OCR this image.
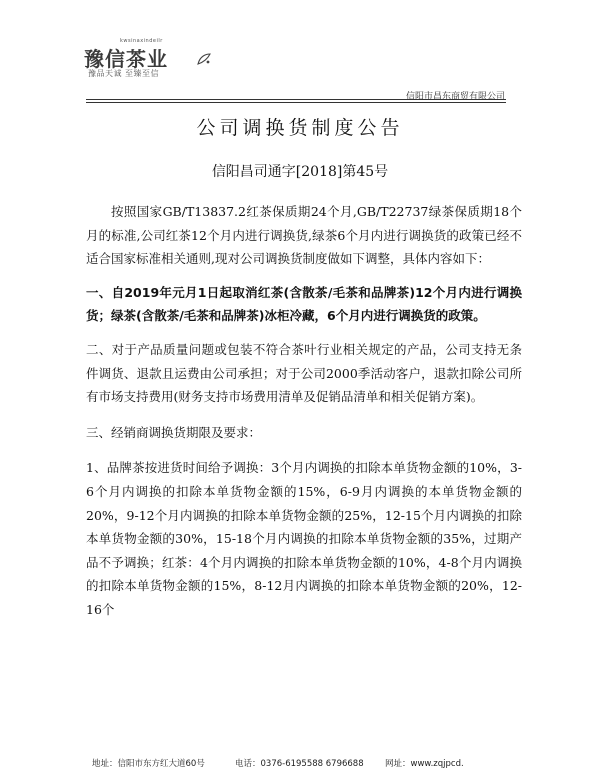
kwsinaxindeilr
豫信茶业
豫品天诚 至臻至信
信阳市昌东商贸有限公司
公司调换货制度公告
信阳昌司通字[2018]第45号

按照国家GB/T13837.2红茶保质期24个月,GB/T22737绿茶保质期18个月的标准,公司红茶12个月内进行调换货,绿茶6个月内进行调换货的政策已经不适合国家标准相关通则,现对公司调换货制度做如下调整，具体内容如下：

一、自2019年元月1日起取消红茶(含散茶/毛茶和品牌茶)12个月内进行调换货；绿茶(含散茶/毛茶和品牌茶)冰柜冷藏，6个月内进行调换货的政策。

二、对于产品质量问题或包装不符合茶叶行业相关规定的产品，公司支持无条件调货、退款且运费由公司承担；对于公司2000季活动客户，退款扣除公司所有市场支持费用(财务支持市场费用清单及促销品清单和相关促销方案)。

三、经销商调换货期限及要求：

1、品牌茶按进货时间给予调换：3个月内调换的扣除本单货物金额的10%，3-6个月内调换的扣除本单货物金额的15%，6-9月内调换的本单货物金额的20%，9-12个月内调换的扣除本单货物金额的25%，12-15个月内调换的扣除本单货物金额的30%，15-18个月内调换的扣除本单货物金额的35%，过期产品不予调换；红茶：4个月内调换的扣除本单货物金额的10%，4-8个月内调换的扣除本单货物金额的15%，8-12月内调换的扣除本单货物金额的20%，12-16个

地址：信阳市东方红大道60号	电话：0376-6195588 6796688	网址：www.zqjpcd.
